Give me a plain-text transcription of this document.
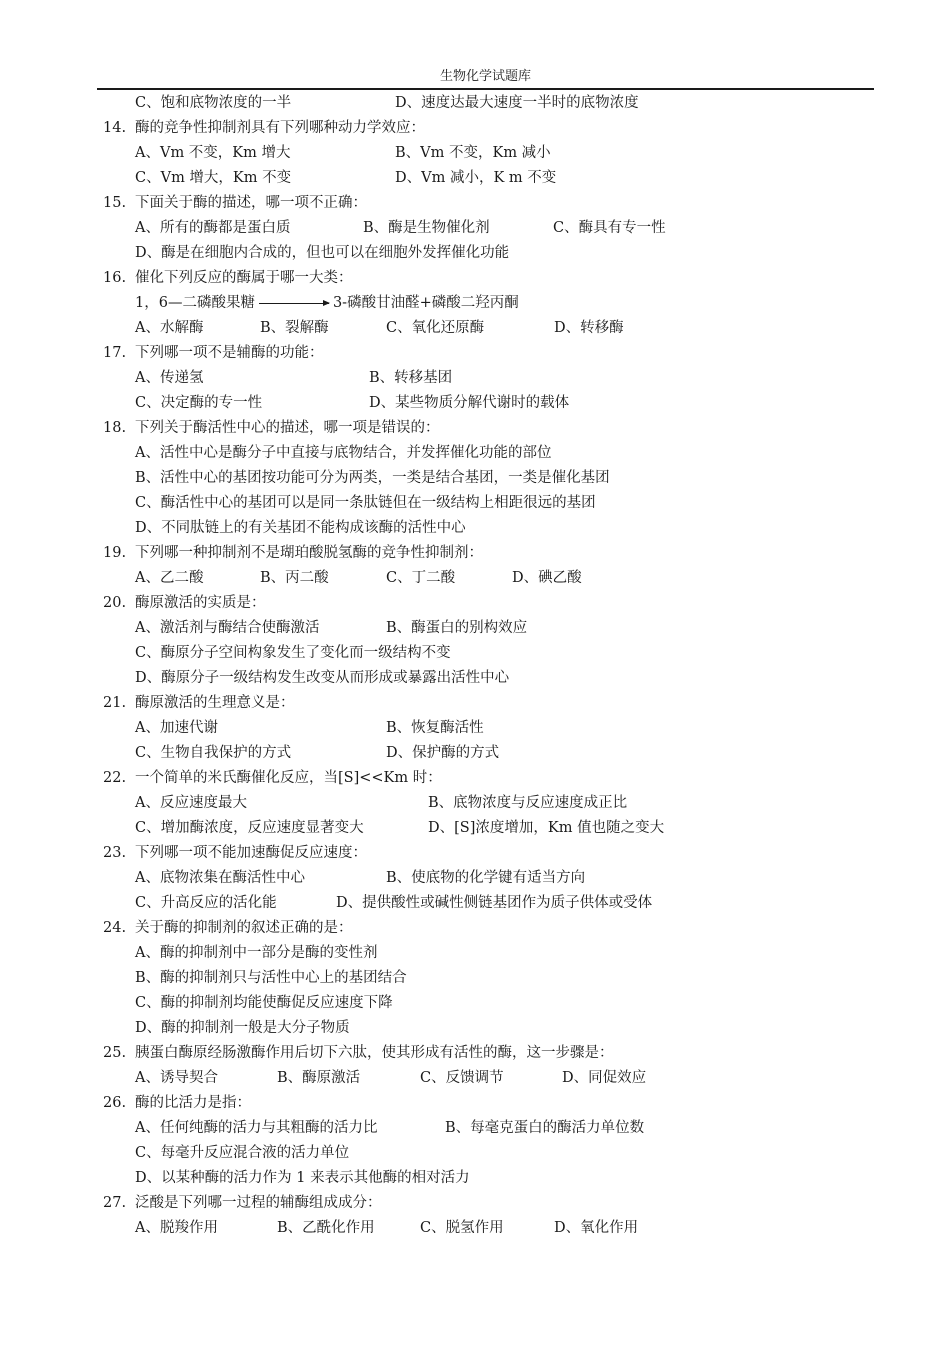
生物化学试题库
C、饱和底物浓度的一半	D、速度达最大速度一半时的底物浓度
14. 酶的竞争性抑制剂具有下列哪种动力学效应：
A、Vm 不变，Km 增大	B、Vm 不变，Km 减小
C、Vm 增大，Km 不变	D、Vm 减小，K m 不变
15. 下面关于酶的描述，哪一项不正确：
A、所有的酶都是蛋白质	B、酶是生物催化剂	C、酶具有专一性
D、酶是在细胞内合成的，但也可以在细胞外发挥催化功能
16. 催化下列反应的酶属于哪一大类：
1，6—二磷酸果糖	3-磷酸甘油醛+磷酸二羟丙酮
A、水解酶	B、裂解酶	C、氧化还原酶	D、转移酶
17. 下列哪一项不是辅酶的功能：
A、传递氢	B、转移基团
C、决定酶的专一性	D、某些物质分解代谢时的载体
18. 下列关于酶活性中心的描述，哪一项是错误的：
A、活性中心是酶分子中直接与底物结合，并发挥催化功能的部位
B、活性中心的基团按功能可分为两类，一类是结合基团，一类是催化基团
C、酶活性中心的基团可以是同一条肽链但在一级结构上相距很远的基团
D、不同肽链上的有关基团不能构成该酶的活性中心
19. 下列哪一种抑制剂不是瑚珀酸脱氢酶的竞争性抑制剂：
A、乙二酸	B、丙二酸	C、丁二酸	D、碘乙酸
20. 酶原激活的实质是：
A、激活剂与酶结合使酶激活	B、酶蛋白的别构效应
C、酶原分子空间构象发生了变化而一级结构不变
D、酶原分子一级结构发生改变从而形成或暴露出活性中心
21. 酶原激活的生理意义是：
A、加速代谢	B、恢复酶活性
C、生物自我保护的方式	D、保护酶的方式
22. 一个简单的米氏酶催化反应，当[S]<<Km 时：
A、反应速度最大	B、底物浓度与反应速度成正比
C、增加酶浓度，反应速度显著变大	D、[S]浓度增加，Km 值也随之变大
23. 下列哪一项不能加速酶促反应速度：
A、底物浓集在酶活性中心	B、使底物的化学键有适当方向
C、升高反应的活化能	D、提供酸性或碱性侧链基团作为质子供体或受体
24. 关于酶的抑制剂的叙述正确的是：
A、酶的抑制剂中一部分是酶的变性剂
B、酶的抑制剂只与活性中心上的基团结合
C、酶的抑制剂均能使酶促反应速度下降
D、酶的抑制剂一般是大分子物质
25. 胰蛋白酶原经肠激酶作用后切下六肽，使其形成有活性的酶，这一步骤是：
A、诱导契合	B、酶原激活	C、反馈调节	D、同促效应
26. 酶的比活力是指：
A、任何纯酶的活力与其粗酶的活力比	B、每毫克蛋白的酶活力单位数
C、每毫升反应混合液的活力单位
D、以某种酶的活力作为 1 来表示其他酶的相对活力
27. 泛酸是下列哪一过程的辅酶组成成分：
A、脱羧作用	B、乙酰化作用	C、脱氢作用	D、氧化作用
